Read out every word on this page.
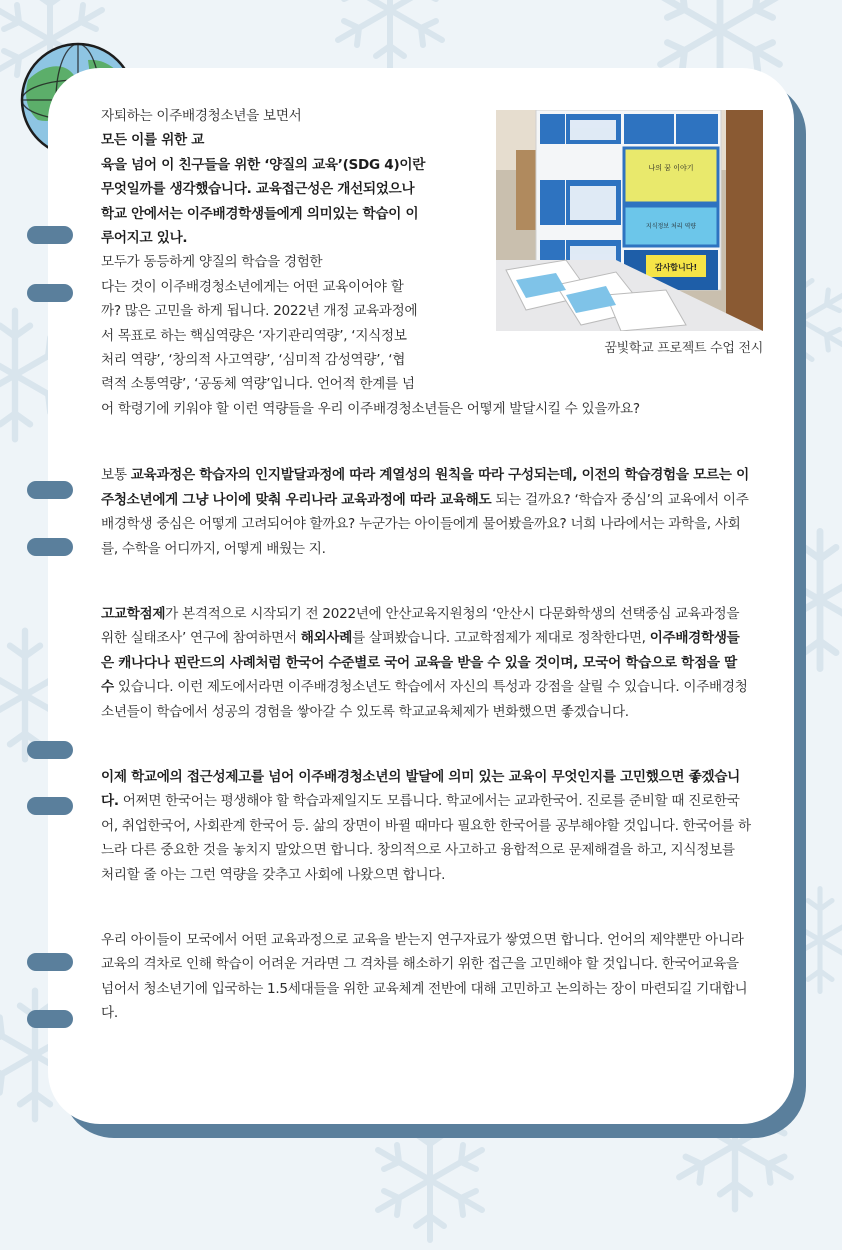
나의 꿈 이야기
지식정보 처리 역량
감사합니다!
꿈빛학교 프로젝트 수업 전시
자퇴하는 이주배경청소년을 보면서
모든 이를 위한 교
육을 넘어 이 친구들을 위한 ‘양질의 교육’(SDG 4)이란
무엇일까를 생각했습니다. 교육접근성은 개선되었으나
학교 안에서는 이주배경학생들에게 의미있는 학습이 이
루어지고 있나.
모두가 동등하게 양질의 학습을 경험한
다는 것이 이주배경청소년에게는 어떤 교육이어야 할
까? 많은 고민을 하게 됩니다. 2022년 개정 교육과정에
서 목표로 하는 핵심역량은 ‘자기관리역량’, ‘지식정보
처리 역량’, ‘창의적 사고역량’, ‘심미적 감성역량’, ‘협
력적 소통역량’, ‘공동체 역량’입니다. 언어적 한계를 넘
어 학령기에 키워야 할 이런 역량들을 우리 이주배경청소년들은 어떻게 발달시킬 수 있을까요?

보통 교육과정은 학습자의 인지발달과정에 따라 계열성의 원칙을 따라 구성되는데, 이전의 학습경험을 모르는 이주청소년에게 그냥 나이에 맞춰 우리나라 교육과정에 따라 교육해도 되는 걸까요? ‘학습자 중심’의 교육에서 이주배경학생 중심은 어떻게 고려되어야 할까요? 누군가는 아이들에게 물어봤을까요? 너희 나라에서는 과학을, 사회를, 수학을 어디까지, 어떻게 배웠는 지.

고교학점제가 본격적으로 시작되기 전 2022년에 안산교육지원청의 ‘안산시 다문화학생의 선택중심 교육과정을 위한 실태조사’ 연구에 참여하면서 해외사례를 살펴봤습니다. 고교학점제가 제대로 정착한다면, 이주배경학생들은 캐나다나 핀란드의 사례처럼 한국어 수준별로 국어 교육을 받을 수 있을 것이며, 모국어 학습으로 학점을 딸 수 있습니다. 이런 제도에서라면 이주배경청소년도 학습에서 자신의 특성과 강점을 살릴 수 있습니다. 이주배경청소년들이 학습에서 성공의 경험을 쌓아갈 수 있도록 학교교육체제가 변화했으면 좋겠습니다.

이제 학교에의 접근성제고를 넘어 이주배경청소년의 발달에 의미 있는 교육이 무엇인지를 고민했으면 좋겠습니다. 어쩌면 한국어는 평생해야 할 학습과제일지도 모릅니다. 학교에서는 교과한국어. 진로를 준비할 때 진로한국어, 취업한국어, 사회관계 한국어 등. 삶의 장면이 바뀔 때마다 필요한 한국어를 공부해야할 것입니다. 한국어를 하느라 다른 중요한 것을 놓치지 말았으면 합니다. 창의적으로 사고하고 융합적으로 문제해결을 하고, 지식정보를 처리할 줄 아는 그런 역량을 갖추고 사회에 나왔으면 합니다.

우리 아이들이 모국에서 어떤 교육과정으로 교육을 받는지 연구자료가 쌓였으면 합니다. 언어의 제약뿐만 아니라 교육의 격차로 인해 학습이 어려운 거라면 그 격차를 해소하기 위한 접근을 고민해야 할 것입니다. 한국어교육을 넘어서 청소년기에 입국하는 1.5세대들을 위한 교육체계 전반에 대해 고민하고 논의하는 장이 마련되길 기대합니다.
